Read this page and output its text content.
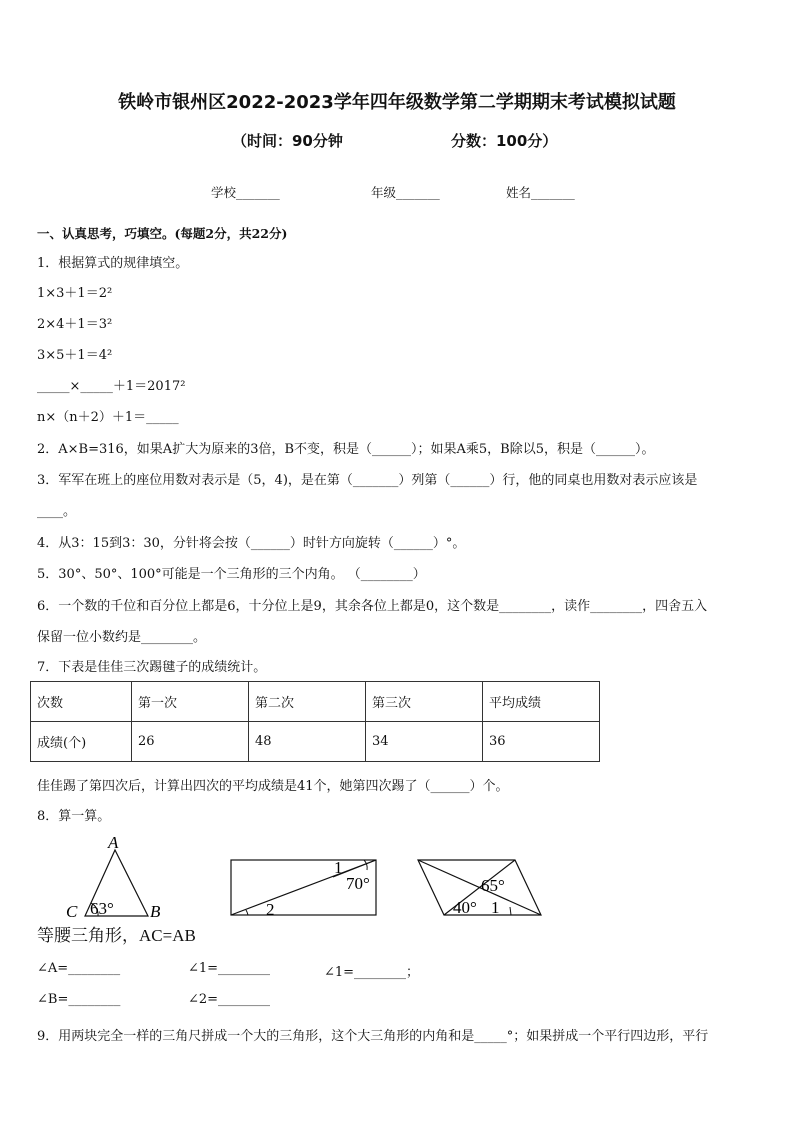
铁岭市银州区2022-2023学年四年级数学第二学期期末考试模拟试题
（时间：90分钟	分数：100分）
学校_______	年级_______	姓名_______
一、认真思考，巧填空。(每题2分，共22分)
1．根据算式的规律填空。
1×3＋1＝2²
2×4＋1＝3²
3×5＋1＝4²
_____×_____＋1＝2017²
n×（n＋2）＋1＝_____
2．A×B=316，如果A扩大为原来的3倍，B不变，积是（______）；如果A乘5，B除以5，积是（______）。
3．军军在班上的座位用数对表示是（5，4)，是在第（_______）列第（______）行，他的同桌也用数对表示应该是
____。
4．从3：15到3：30，分针将会按（______）时针方向旋转（______）°。
5．30°、50°、100°可能是一个三角形的三个内角。 （________）
6．一个数的千位和百分位上都是6，十分位上是9，其余各位上都是0，这个数是________，读作________，四舍五入
保留一位小数约是________。
7．下表是佳佳三次踢毽子的成绩统计。
次数	第一次	第二次	第三次	平均成绩
成绩(个)	26	48	34	36
佳佳踢了第四次后，计算出四次的平均成绩是41个，她第四次踢了（______）个。
8．算一算。
A
C	B
63°
等腰三角形，AC=AB
1
70°
2
65°
40° 1
∠A=________
∠B=________
∠1=________
∠2=________
∠1=________；
9．用两块完全一样的三角尺拼成一个大的三角形，这个大三角形的内角和是_____°；如果拼成一个平行四边形，平行
